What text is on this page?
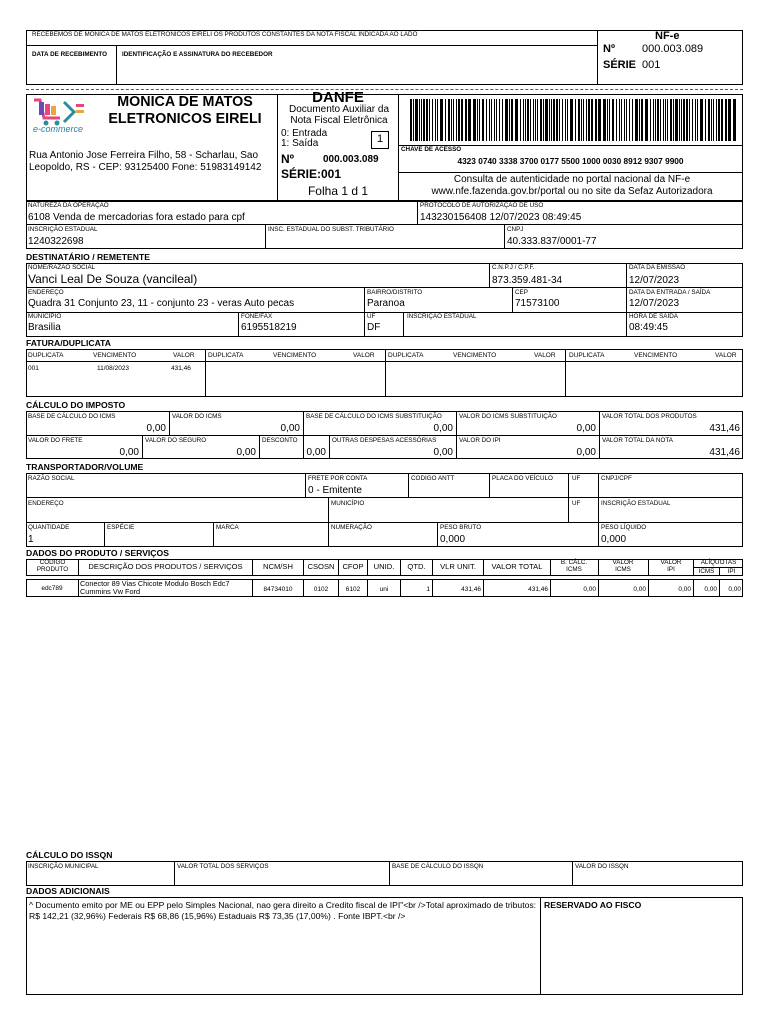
RECEBEMOS DE MONICA DE MATOS ELETRONICOS EIRELI OS PRODUTOS CONSTANTES DA NOTA FISCAL INDICADA AO LADO
DATA DE RECEBIMENTO IDENTIFICAÇÃO E ASSINATURA DO RECEBEDOR
NF-e
Nº 000.003.089
SÉRIE 001
e-commerce
MONICA DE MATOS ELETRONICOS EIRELI
Rua Antonio Jose Ferreira Filho, 58 - Scharlau, Sao Leopoldo, RS - CEP: 93125400 Fone: 51983149142
DANFE
Documento Auxiliar da Nota Fiscal Eletrônica
0: Entrada
1: Saída	1
Nº	000.003.089
SÉRIE:001
Folha 1 d 1
CHAVE DE ACESSO
4323 0740 3338 3700 0177 5500 1000 0030 8912 9307 9900
Consulta de autenticidade no portal nacional da NF-e www.nfe.fazenda.gov.br/portal ou no site da Sefaz Autorizadora
NATUREZA DA OPERAÇÃO
6108 Venda de mercadorias fora estado para cpf
PROTOCOLO DE AUTORIZAÇÃO DE USO
143230156408 12/07/2023 08:49:45
INSCRIÇÃO ESTADUAL
1240322698
INSC. ESTADUAL DO SUBST. TRIBUTÁRIO	CNPJ
40.333.837/0001-77
DESTINATÁRIO / REMETENTE
NOME/RAZÃO SOCIAL
Vanci Leal De Souza (vancileal)
C.N.P.J / C.P.F.
873.359.481-34
DATA DA EMISSÃO
12/07/2023
ENDEREÇO
Quadra 31 Conjunto 23, 11 - conjunto 23 - veras Auto pecas
BAIRRO/DISTRITO
Paranoa
CEP
71573100
DATA DA ENTRADA / SAÍDA
12/07/2023
MUNICÍPIO
Brasilia
FONE/FAX
6195518219
UF
DF
INSCRIÇÃO ESTADUAL	HORA DE SAÍDA
08:49:45
FATURA/DUPLICATA
DUPLICATA	VENCIMENTO	VALOR DUPLICATA	VENCIMENTO	VALOR DUPLICATA	VENCIMENTO	VALOR DUPLICATA	VENCIMENTO	VALOR
001	11/08/2023	431,46
CÁLCULO DO IMPOSTO
BASE DE CÁLCULO DO ICMS
0,00
VALOR DO ICMS
0,00
BASE DE CÁLCULO DO ICMS SUBSTITUIÇÃO
0,00
VALOR DO ICMS SUBSTITUIÇÃO
0,00
VALOR TOTAL DOS PRODUTOS
431,46
VALOR DO FRETE
0,00
VALOR DO SEGURO
0,00
DESCONTO
0,00
OUTRAS DESPESAS ACESSÓRIAS
0,00
VALOR DO IPI
0,00
VALOR TOTAL DA NOTA
431,46
TRANSPORTADOR/VOLUME
RAZÃO SOCIAL	FRETE POR CONTA
0 - Emitente
CODIGO ANTT	PLACA DO VEÍCULO	UF	CNPJ/CPF
ENDEREÇO	MUNICÍPIO	UF	INSCRIÇÃO ESTADUAL
QUANTIDADE
1
ESPÉCIE	MARCA	NUMERAÇÃO	PESO BRUTO
0,000
PESO LÍQUIDO
0,000
DADOS DO PRODUTO / SERVIÇOS
CÓDIGO PRODUTO	DESCRIÇÃO DOS PRODUTOS / SERVIÇOS	NCM/SH	CSOSN	CFOP	UNID.	QTD.	VLR UNIT.	VALOR TOTAL	B. CÁLC. ICMS
VALOR ICMS
VALOR IPI
ALÍQUOTAS
ICMS	IPI
edc789
Conector 89 Vias Chicote Modulo Bosch Edc7 Cummins Vw Ford	84734010	0102	6102	uni	1	431,46	431,46	0,00	0,00	0,00	0,00	0,00
CÁLCULO DO ISSQN
INSCRIÇÃO MUNICIPAL	VALOR TOTAL DOS SERVIÇOS	BASE DE CÁLCULO DO ISSQN	VALOR DO ISSQN
DADOS ADICIONAIS
^ Documento emito por ME ou EPP pelo Simples Nacional, nao gera direito a Credito fiscal de IPI"<br />Total aproximado de tributos: R$ 142,21 (32,96%) Federais R$ 68,86 (15,96%) Estaduais R$ 73,35 (17,00%) . Fonte IBPT.<br />
RESERVADO AO FISCO
